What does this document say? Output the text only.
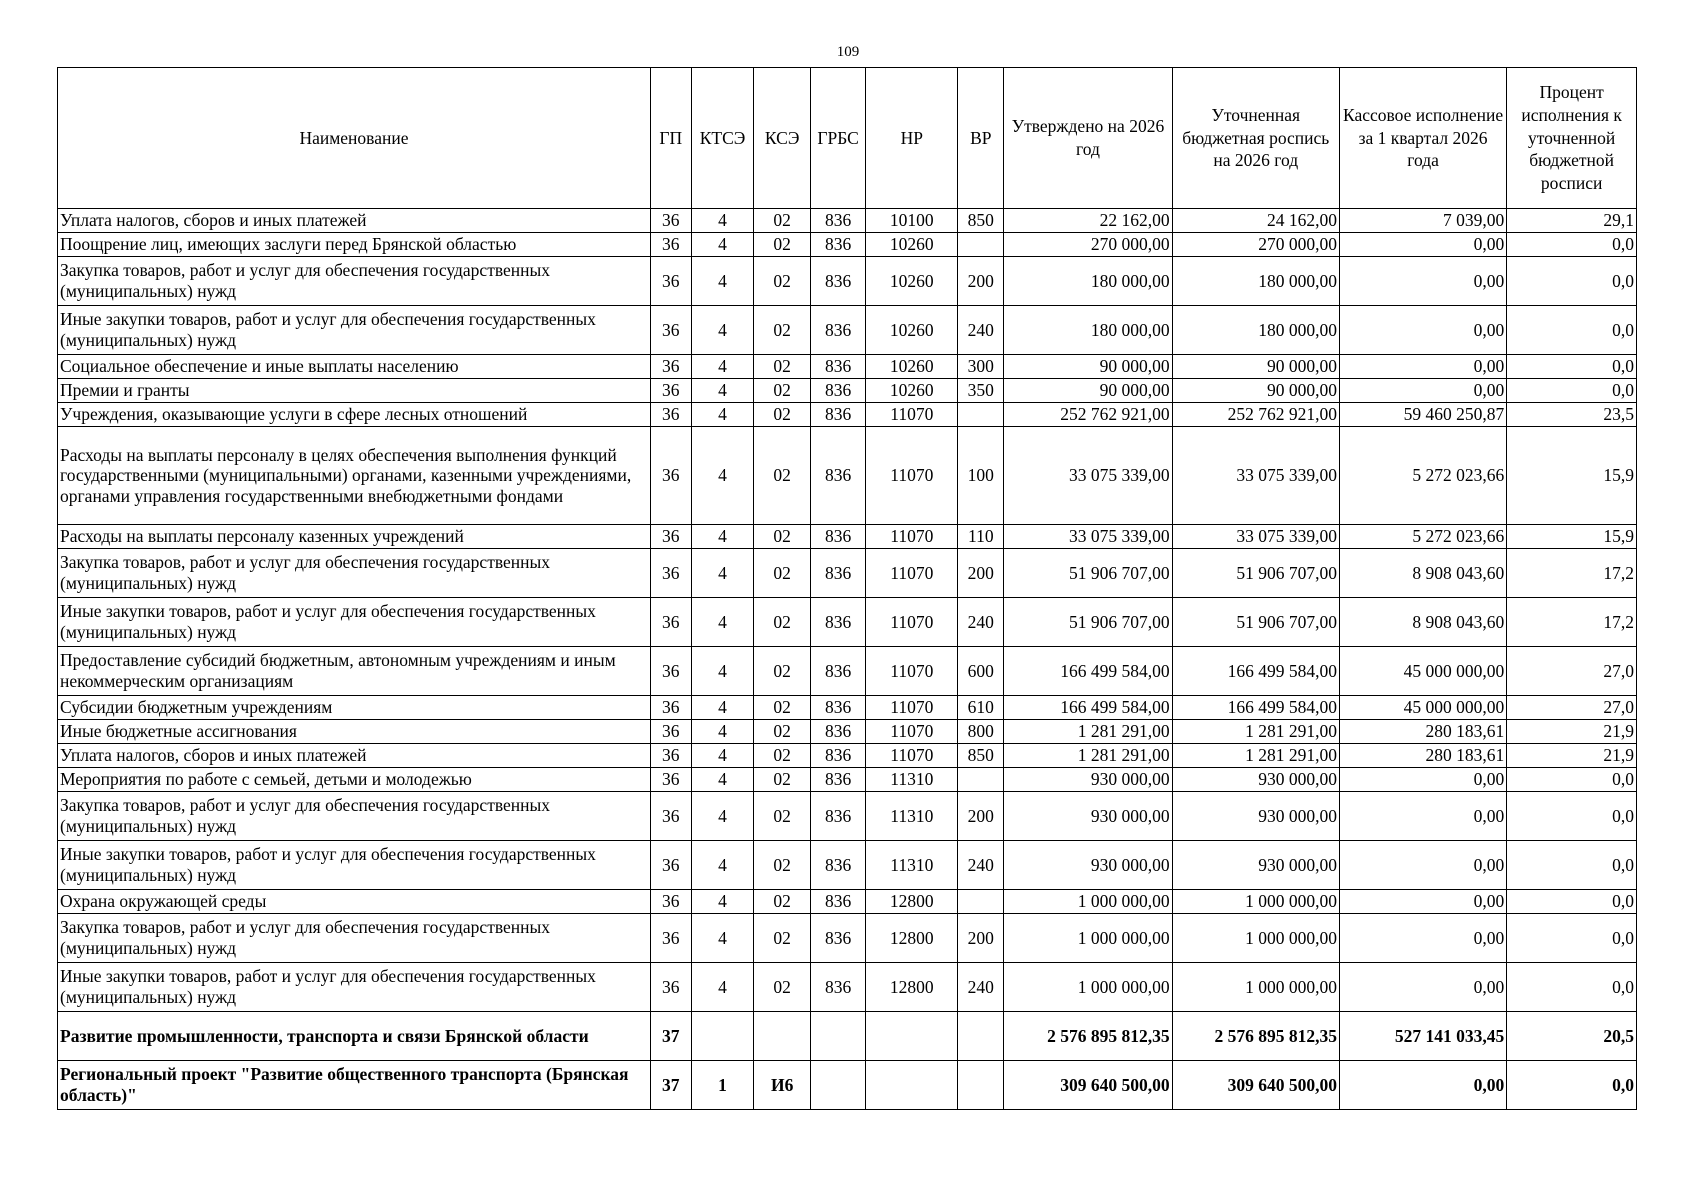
109
Наименование	ГП	КТСЭ	КСЭ	ГРБС	НР	ВР	Утверждено на 2026 год	Уточненная бюджетная роспись на 2026 год	Кассовое исполнение за 1 квартал 2026 года	Процент исполнения к уточненной бюджетной росписи
Уплата налогов, сборов и иных платежей	36	4	02	836	10100	850	22 162,00	24 162,00	7 039,00	29,1
Поощрение лиц, имеющих заслуги перед Брянской областью	36	4	02	836	10260		270 000,00	270 000,00	0,00	0,0
Закупка товаров, работ и услуг для обеспечения государственных (муниципальных) нужд	36	4	02	836	10260	200	180 000,00	180 000,00	0,00	0,0
Иные закупки товаров, работ и услуг для обеспечения государственных (муниципальных) нужд	36	4	02	836	10260	240	180 000,00	180 000,00	0,00	0,0
Социальное обеспечение и иные выплаты населению	36	4	02	836	10260	300	90 000,00	90 000,00	0,00	0,0
Премии и гранты	36	4	02	836	10260	350	90 000,00	90 000,00	0,00	0,0
Учреждения, оказывающие услуги в сфере лесных отношений	36	4	02	836	11070		252 762 921,00	252 762 921,00	59 460 250,87	23,5
Расходы на выплаты персоналу в целях обеспечения выполнения функций государственными (муниципальными) органами, казенными учреждениями, органами управления государственными внебюджетными фондами	36	4	02	836	11070	100	33 075 339,00	33 075 339,00	5 272 023,66	15,9
Расходы на выплаты персоналу казенных учреждений	36	4	02	836	11070	110	33 075 339,00	33 075 339,00	5 272 023,66	15,9
Закупка товаров, работ и услуг для обеспечения государственных (муниципальных) нужд	36	4	02	836	11070	200	51 906 707,00	51 906 707,00	8 908 043,60	17,2
Иные закупки товаров, работ и услуг для обеспечения государственных (муниципальных) нужд	36	4	02	836	11070	240	51 906 707,00	51 906 707,00	8 908 043,60	17,2
Предоставление субсидий бюджетным, автономным учреждениям и иным некоммерческим организациям	36	4	02	836	11070	600	166 499 584,00	166 499 584,00	45 000 000,00	27,0
Субсидии бюджетным учреждениям	36	4	02	836	11070	610	166 499 584,00	166 499 584,00	45 000 000,00	27,0
Иные бюджетные ассигнования	36	4	02	836	11070	800	1 281 291,00	1 281 291,00	280 183,61	21,9
Уплата налогов, сборов и иных платежей	36	4	02	836	11070	850	1 281 291,00	1 281 291,00	280 183,61	21,9
Мероприятия по работе с семьей, детьми и молодежью	36	4	02	836	11310		930 000,00	930 000,00	0,00	0,0
Закупка товаров, работ и услуг для обеспечения государственных (муниципальных) нужд	36	4	02	836	11310	200	930 000,00	930 000,00	0,00	0,0
Иные закупки товаров, работ и услуг для обеспечения государственных (муниципальных) нужд	36	4	02	836	11310	240	930 000,00	930 000,00	0,00	0,0
Охрана окружающей среды	36	4	02	836	12800		1 000 000,00	1 000 000,00	0,00	0,0
Закупка товаров, работ и услуг для обеспечения государственных (муниципальных) нужд	36	4	02	836	12800	200	1 000 000,00	1 000 000,00	0,00	0,0
Иные закупки товаров, работ и услуг для обеспечения государственных (муниципальных) нужд	36	4	02	836	12800	240	1 000 000,00	1 000 000,00	0,00	0,0
Развитие промышленности, транспорта и связи Брянской области	37						2 576 895 812,35	2 576 895 812,35	527 141 033,45	20,5
Региональный проект "Развитие общественного транспорта (Брянская область)"	37	1	И6				309 640 500,00	309 640 500,00	0,00	0,0
